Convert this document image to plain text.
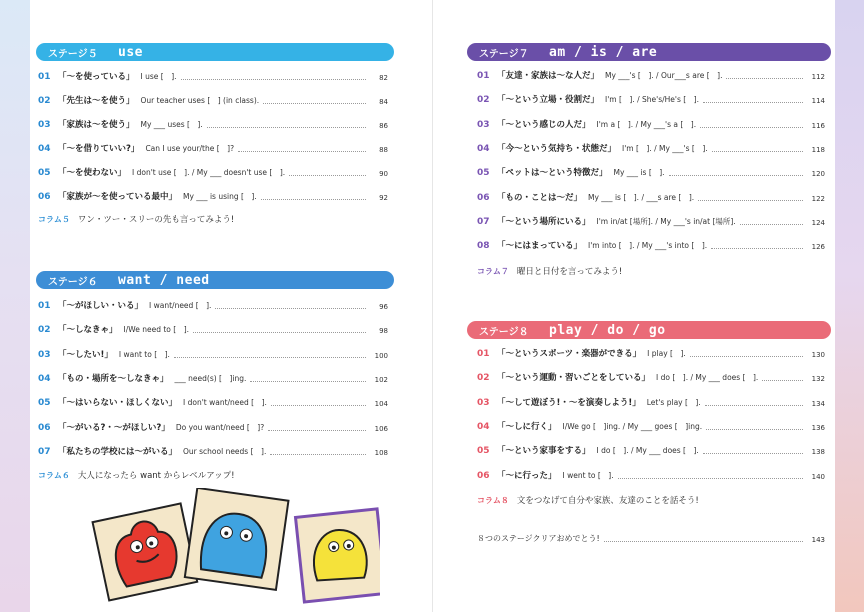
ステージ５	use
01 「〜を使っている」 I use [　].	82
02 「先生は〜を使う」 Our teacher uses [　] (in class).	84
03 「家族は〜を使う」 My ___ uses [　].	86
04 「〜を借りていい?」 Can I use your/the [　]?	88
05 「〜を使わない」 I don't use [　]. / My ___ doesn't use [　].	90
06 「家族が〜を使っている最中」 My ___ is using [　].	92
コラム５ ワン・ツー・スリーの先も言ってみよう!
ステージ６	want / need
01 「〜がほしい・いる」 I want/need [　].	96
02 「〜しなきゃ」 I/We need to [　].	98
03 「〜したい!」 I want to [　].	100
04 「もの・場所を〜しなきゃ」 ___ need(s) [　]ing.	102
05 「〜はいらない・ほしくない」 I don't want/need [　].	104
06 「〜がいる?・〜がほしい?」 Do you want/need [　]?	106
07 「私たちの学校には〜がいる」 Our school needs [　].	108
コラム６ 大人になったら want からレベルアップ!
ステージ７	am / is / are
01 「友達・家族は〜な人だ」 My ___'s [　]. / Our___s are [　].	112
02 「〜という立場・役割だ」 I'm [　]. / She's/He's [　].	114
03 「〜という感じの人だ」 I'm a [　]. / My ___'s a [　].	116
04 「今〜という気持ち・状態だ」 I'm [　]. / My ___'s [　].	118
05 「ペットは〜という特徴だ」 My ___ is [　].	120
06 「もの・ことは〜だ」 My ___ is [　]. / ___s are [　].	122
07 「〜という場所にいる」 I'm in/at [場所]. / My ___'s in/at [場所].	124
08 「〜にはまっている」 I'm into [　]. / My ___'s into [　].	126
コラム７ 曜日と日付を言ってみよう!
ステージ８	play / do / go
01 「〜というスポーツ・楽器ができる」 I play [　].	130
02 「〜という運動・習いごとをしている」 I do [　]. / My ___ does [　].	132
03 「〜して遊ぼう!・〜を演奏しよう!」 Let's play [　].	134
04 「〜しに行く」 I/We go [　]ing. / My ___ goes [　]ing.	136
05 「〜という家事をする」 I do [　]. / My ___ does [　].	138
06 「〜に行った」 I went to [　].	140
コラム８ 文をつなげて自分や家族、友達のことを話そう!
８つのステージクリアおめでとう!	143
